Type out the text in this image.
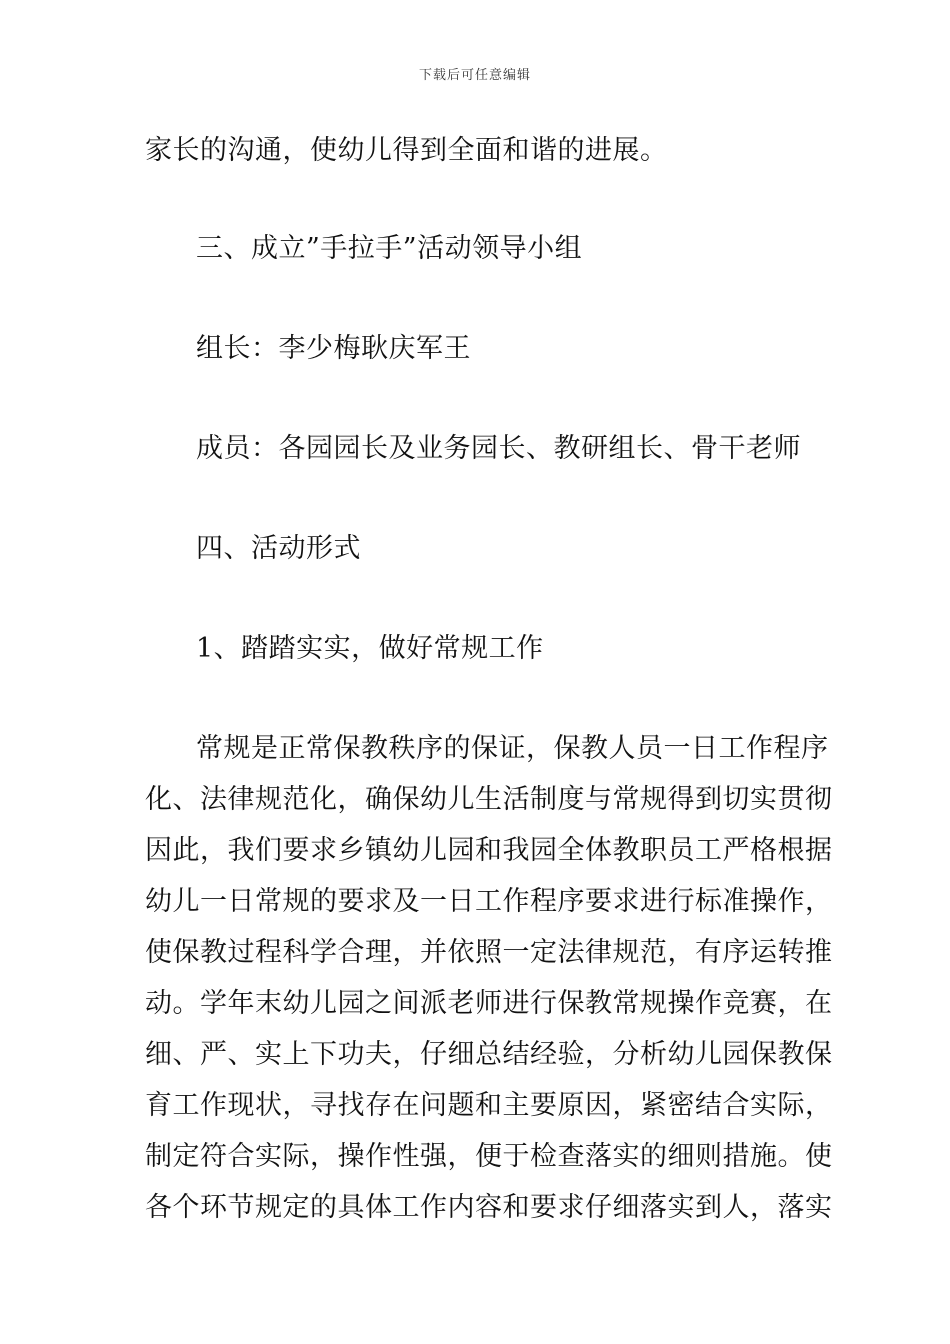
下载后可任意编辑
家长的沟通，使幼儿得到全面和谐的进展。
三、成立”手拉手”活动领导小组
组长：李少梅耿庆军王
成员：各园园长及业务园长、教研组长、骨干老师
四、活动形式
1、踏踏实实，做好常规工作
常规是正常保教秩序的保证，保教人员一日工作程序
化、法律规范化，确保幼儿生活制度与常规得到切实贯彻
因此，我们要求乡镇幼儿园和我园全体教职员工严格根据
幼儿一日常规的要求及一日工作程序要求进行标准操作，
使保教过程科学合理，并依照一定法律规范，有序运转推
动。学年末幼儿园之间派老师进行保教常规操作竞赛，在
细、严、实上下功夫，仔细总结经验，分析幼儿园保教保
育工作现状，寻找存在问题和主要原因，紧密结合实际，
制定符合实际，操作性强，便于检查落实的细则措施。使
各个环节规定的具体工作内容和要求仔细落实到人，落实
